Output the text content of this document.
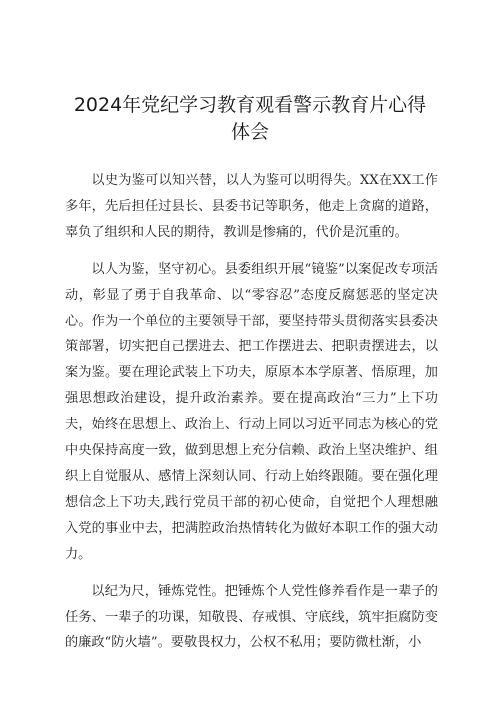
2024年党纪学习教育观看警示教育片心得
体会

以史为鉴可以知兴替，以人为鉴可以明得失。XX在XX工作多年，先后担任过县长、县委书记等职务，他走上贪腐的道路，辜负了组织和人民的期待，教训是惨痛的，代价是沉重的。

以人为鉴，坚守初心。县委组织开展“镜鉴”以案促改专项活动，彰显了勇于自我革命、以“零容忍”态度反腐惩恶的坚定决心。作为一个单位的主要领导干部，要坚持带头贯彻落实县委决策部署，切实把自己摆进去、把工作摆进去、把职责摆进去，以案为鉴。要在理论武装上下功夫，原原本本学原著、悟原理，加强思想政治建设，提升政治素养。要在提高政治“三力”上下功夫，始终在思想上、政治上、行动上同以习近平同志为核心的党中央保持高度一致，做到思想上充分信赖、政治上坚决维护、组织上自觉服从、感情上深刻认同、行动上始终跟随。要在强化理想信念上下功夫,践行党员干部的初心使命，自觉把个人理想融入党的事业中去，把满腔政治热情转化为做好本职工作的强大动力。

以纪为尺，锤炼党性。把锤炼个人党性修养看作是一辈子的任务、一辈子的功课，知敬畏、存戒惧、守底线，筑牢拒腐防变的廉政“防火墙”。要敬畏权力，公权不私用；要防微杜渐，小
